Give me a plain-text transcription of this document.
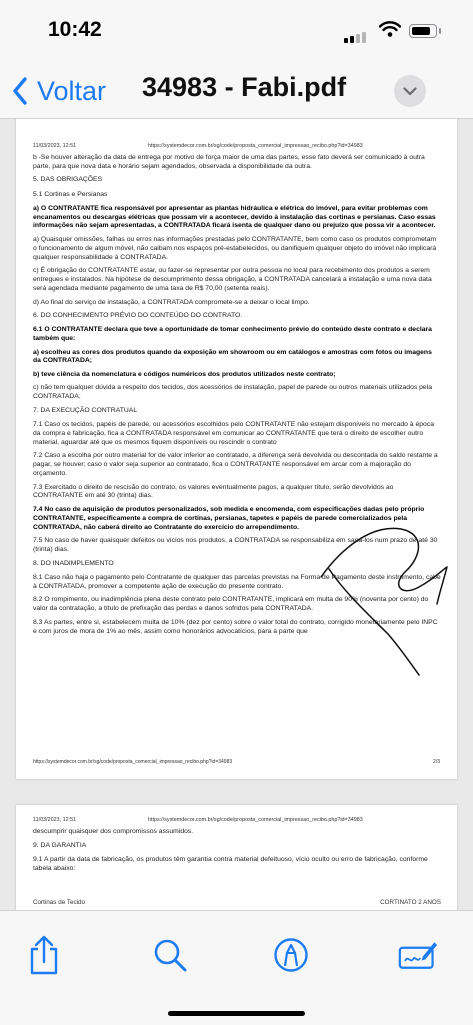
10:42
Voltar 34983 - Fabi.pdf
11/03/2023, 12:51	https://systemdecor.com.br/sg/code/proposta_comercial_impressao_recibo.php?id=34983

b -Se houver alteração da data de entrega por motivo de força maior de uma das partes, esse fato deverá ser comunicado à outra parte, para que nova data e horário sejam agendados, observada a disponibilidade da outra.

5. DAS OBRIGAÇÕES

5.1 Cortinas e Persianas

a) O CONTRATANTE fica responsável por apresentar as plantas hidráulica e elétrica do imóvel, para evitar problemas com encanamentos ou descargas elétricas que possam vir a acontecer, devido à instalação das cortinas e persianas. Caso essas informações não sejam apresentadas, a CONTRATADA ficará isenta de qualquer dano ou prejuízo que possa vir a acontecer.

a) Quaisquer omissões, falhas ou erros nas informações prestadas pelo CONTRATANTE, bem como caso os produtos comprometam o funcionamento de algum móvel, não caibam nos espaços pré-estabelecidos, ou danifiquem qualquer objeto do imóvel não implicará qualquer responsabilidade à CONTRATADA.

c) É obrigação do CONTRATANTE estar, ou fazer-se representar por outra pessoa no local para recebimento dos produtos a serem entregues e instalados. Na hipótese de descumprimento dessa obrigação, a CONTRATADA cancelará a instalação e uma nova data será agendada mediante pagamento de uma taxa de R$ 70,00 (setenta reais).

d) Ao final do serviço de instalação, a CONTRATADA compromete-se a deixar o local limpo.

6. DO CONHECIMENTO PRÉVIO DO CONTEÚDO DO CONTRATO.

6.1 O CONTRATANTE declara que teve a oportunidade de tomar conhecimento prévio do conteúdo deste contrato e declara também que:

a) escolheu as cores dos produtos quando da exposição em showroom ou em catálogos e amostras com fotos ou imagens da CONTRATADA;

b) teve ciência da nomenclatura e códigos numéricos dos produtos utilizados neste contrato;

c) não tem qualquer dúvida a respeito dos tecidos, dos acessórios de instalação, papel de parede ou outros materiais utilizados pela CONTRATADA;

7. DA EXECUÇÃO CONTRATUAL

7.1 Caso os tecidos, papéis de parede, ou acessórios escolhidos pelo CONTRATANTE não estejam disponíveis no mercado à época da compra e fabricação, fica a CONTRATADA responsável em comunicar ao CONTRATANTE que terá o direito de escolher outro material, aguardar até que os mesmos fiquem disponíveis ou rescindir o contrato

7.2 Caso a escolha por outro material for de valor inferior ao contratado, a diferença será devolvida ou descontada do saldo restante a pagar, se houver; caso o valor seja superior ao contratado, fica o CONTRATANTE responsável em arcar com a majoração do orçamento.

7.3 Exercitado o direito de rescisão do contrato, os valores eventualmente pagos, a qualquer título, serão devolvidos ao CONTRATANTE em até 30 (trinta) dias.

7.4 No caso de aquisição de produtos personalizados, sob medida e encomenda, com especificações dadas pelo próprio CONTRATANTE, especificamente a compra de cortinas, persianas, tapetes e papéis de parede comercializados pela CONTRATADA, não caberá direito ao Contratante do exercício do arrependimento.

7.5 No caso de haver quaisquer defeitos ou vícios nos produtos, a CONTRATADA se responsabiliza em saná-los num prazo de até 30 (trinta) dias.

8. DO INADIMPLEMENTO

8.1 Caso não haja o pagamento pelo Contratante de qualquer das parcelas previstas na Forma de Pagamento deste instrumento, cabe à CONTRATADA, promover a competente ação de execução do presente contrato.

8.2 O rompimento, ou inadimplência plena deste contrato pelo CONTRATANTE, implicará em multa de 90% (noventa por cento) do valor da contratação, a título de prefixação das perdas e danos sofridos pela CONTRATADA.

8.3 As partes, entre si, estabelecem multa de 10% (dez por cento) sobre o valor total do contrato, corrigido monetariamente pelo INPC e com juros de mora de 1% ao mês, assim como honorários advocatícios, para a parte que

https://systemdecor.com.br/sg/code/proposta_comercial_impressao_recibo.php?id=34983	2/3
11/03/2023, 12:51	https://systemdecor.com.br/sg/code/proposta_comercial_impressao_recibo.php?id=34983

descumprir quaisquer dos compromissos assumidos.

9. DA GARANTIA

9.1 A partir da data de fabricação, os produtos têm garantia contra material defeituoso, vício oculto ou erro de fabricação, conforme tabela abaixo:

Cortinas de Tecido	CORTINATO 2 ANOS
